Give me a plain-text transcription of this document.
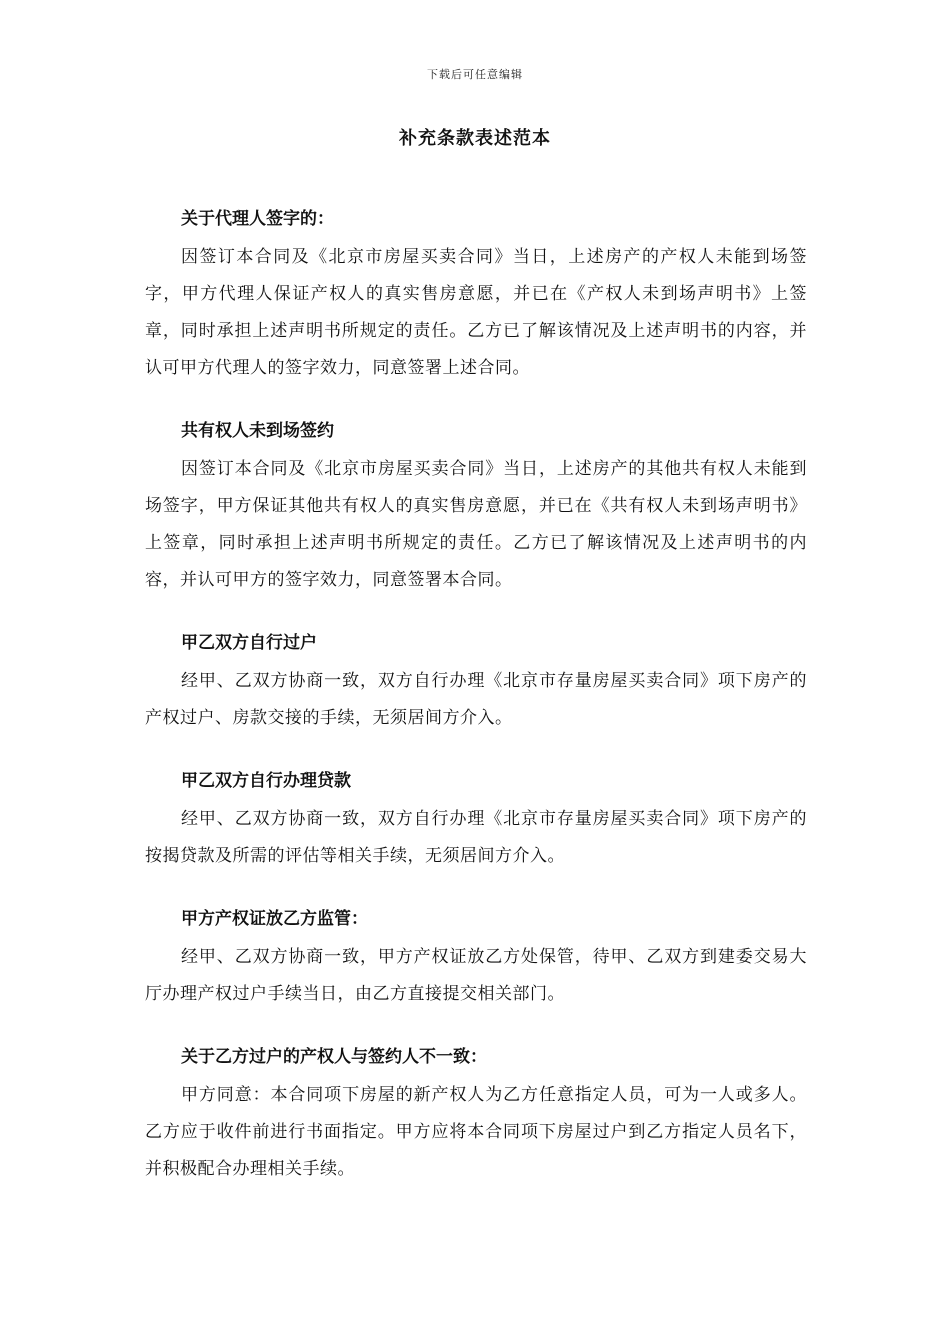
下载后可任意编辑
补充条款表述范本
关于代理人签字的：

因签订本合同及《北京市房屋买卖合同》当日，上述房产的产权人未能到场签字，甲方代理人保证产权人的真实售房意愿，并已在《产权人未到场声明书》上签章，同时承担上述声明书所规定的责任。乙方已了解该情况及上述声明书的内容，并认可甲方代理人的签字效力，同意签署上述合同。

共有权人未到场签约

因签订本合同及《北京市房屋买卖合同》当日，上述房产的其他共有权人未能到场签字，甲方保证其他共有权人的真实售房意愿，并已在《共有权人未到场声明书》上签章，同时承担上述声明书所规定的责任。乙方已了解该情况及上述声明书的内容，并认可甲方的签字效力，同意签署本合同。

甲乙双方自行过户

经甲、乙双方协商一致，双方自行办理《北京市存量房屋买卖合同》项下房产的产权过户、房款交接的手续，无须居间方介入。

甲乙双方自行办理贷款

经甲、乙双方协商一致，双方自行办理《北京市存量房屋买卖合同》项下房产的按揭贷款及所需的评估等相关手续，无须居间方介入。

甲方产权证放乙方监管：

经甲、乙双方协商一致，甲方产权证放乙方处保管，待甲、乙双方到建委交易大厅办理产权过户手续当日，由乙方直接提交相关部门。

关于乙方过户的产权人与签约人不一致：

甲方同意：本合同项下房屋的新产权人为乙方任意指定人员，可为一人或多人。乙方应于收件前进行书面指定。甲方应将本合同项下房屋过户到乙方指定人员名下，并积极配合办理相关手续。
